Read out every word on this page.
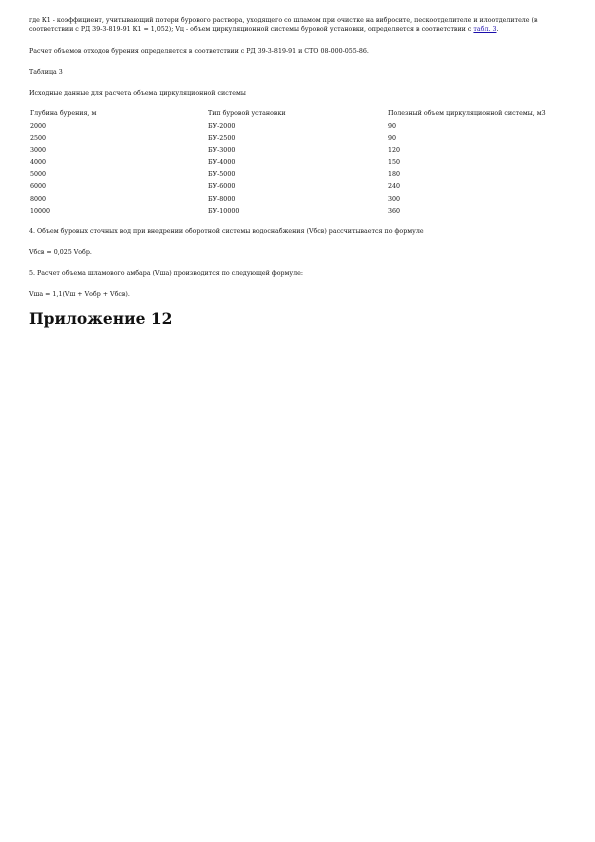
где К1 - коэффициент, учитывающий потери бурового раствора, уходящего со шламом при очистке на вибросите, пескоотделителе и илоотделителе (в соответствии с РД 39-3-819-91 К1 = 1,052); Vц - объем циркуляционной системы буровой установки, определяется в соответствии с табл. 3.

Расчет объемов отходов бурения определяется в соответствии с РД 39-3-819-91 и СТО 08-000-055-86.

Таблица 3

Исходные данные для расчета объема циркуляционной системы

Глубина бурения, м	Тип буровой установки	Полезный объем циркуляционной системы, м3
2000	БУ-2000	90
2500	БУ-2500	90
3000	БУ-3000	120
4000	БУ-4000	150
5000	БУ-5000	180
6000	БУ-6000	240
8000	БУ-8000	300
10000	БУ-10000	360

4. Объем буровых сточных вод при внедрении оборотной системы водоснабжения (Vбсв) рассчитывается по формуле

Vбсв = 0,025 Vобр.

5. Расчет объема шламового амбара (Vша) производится по следующей формуле:

Vша = 1,1(Vш + Vобр + Vбсв).

Приложение 12
